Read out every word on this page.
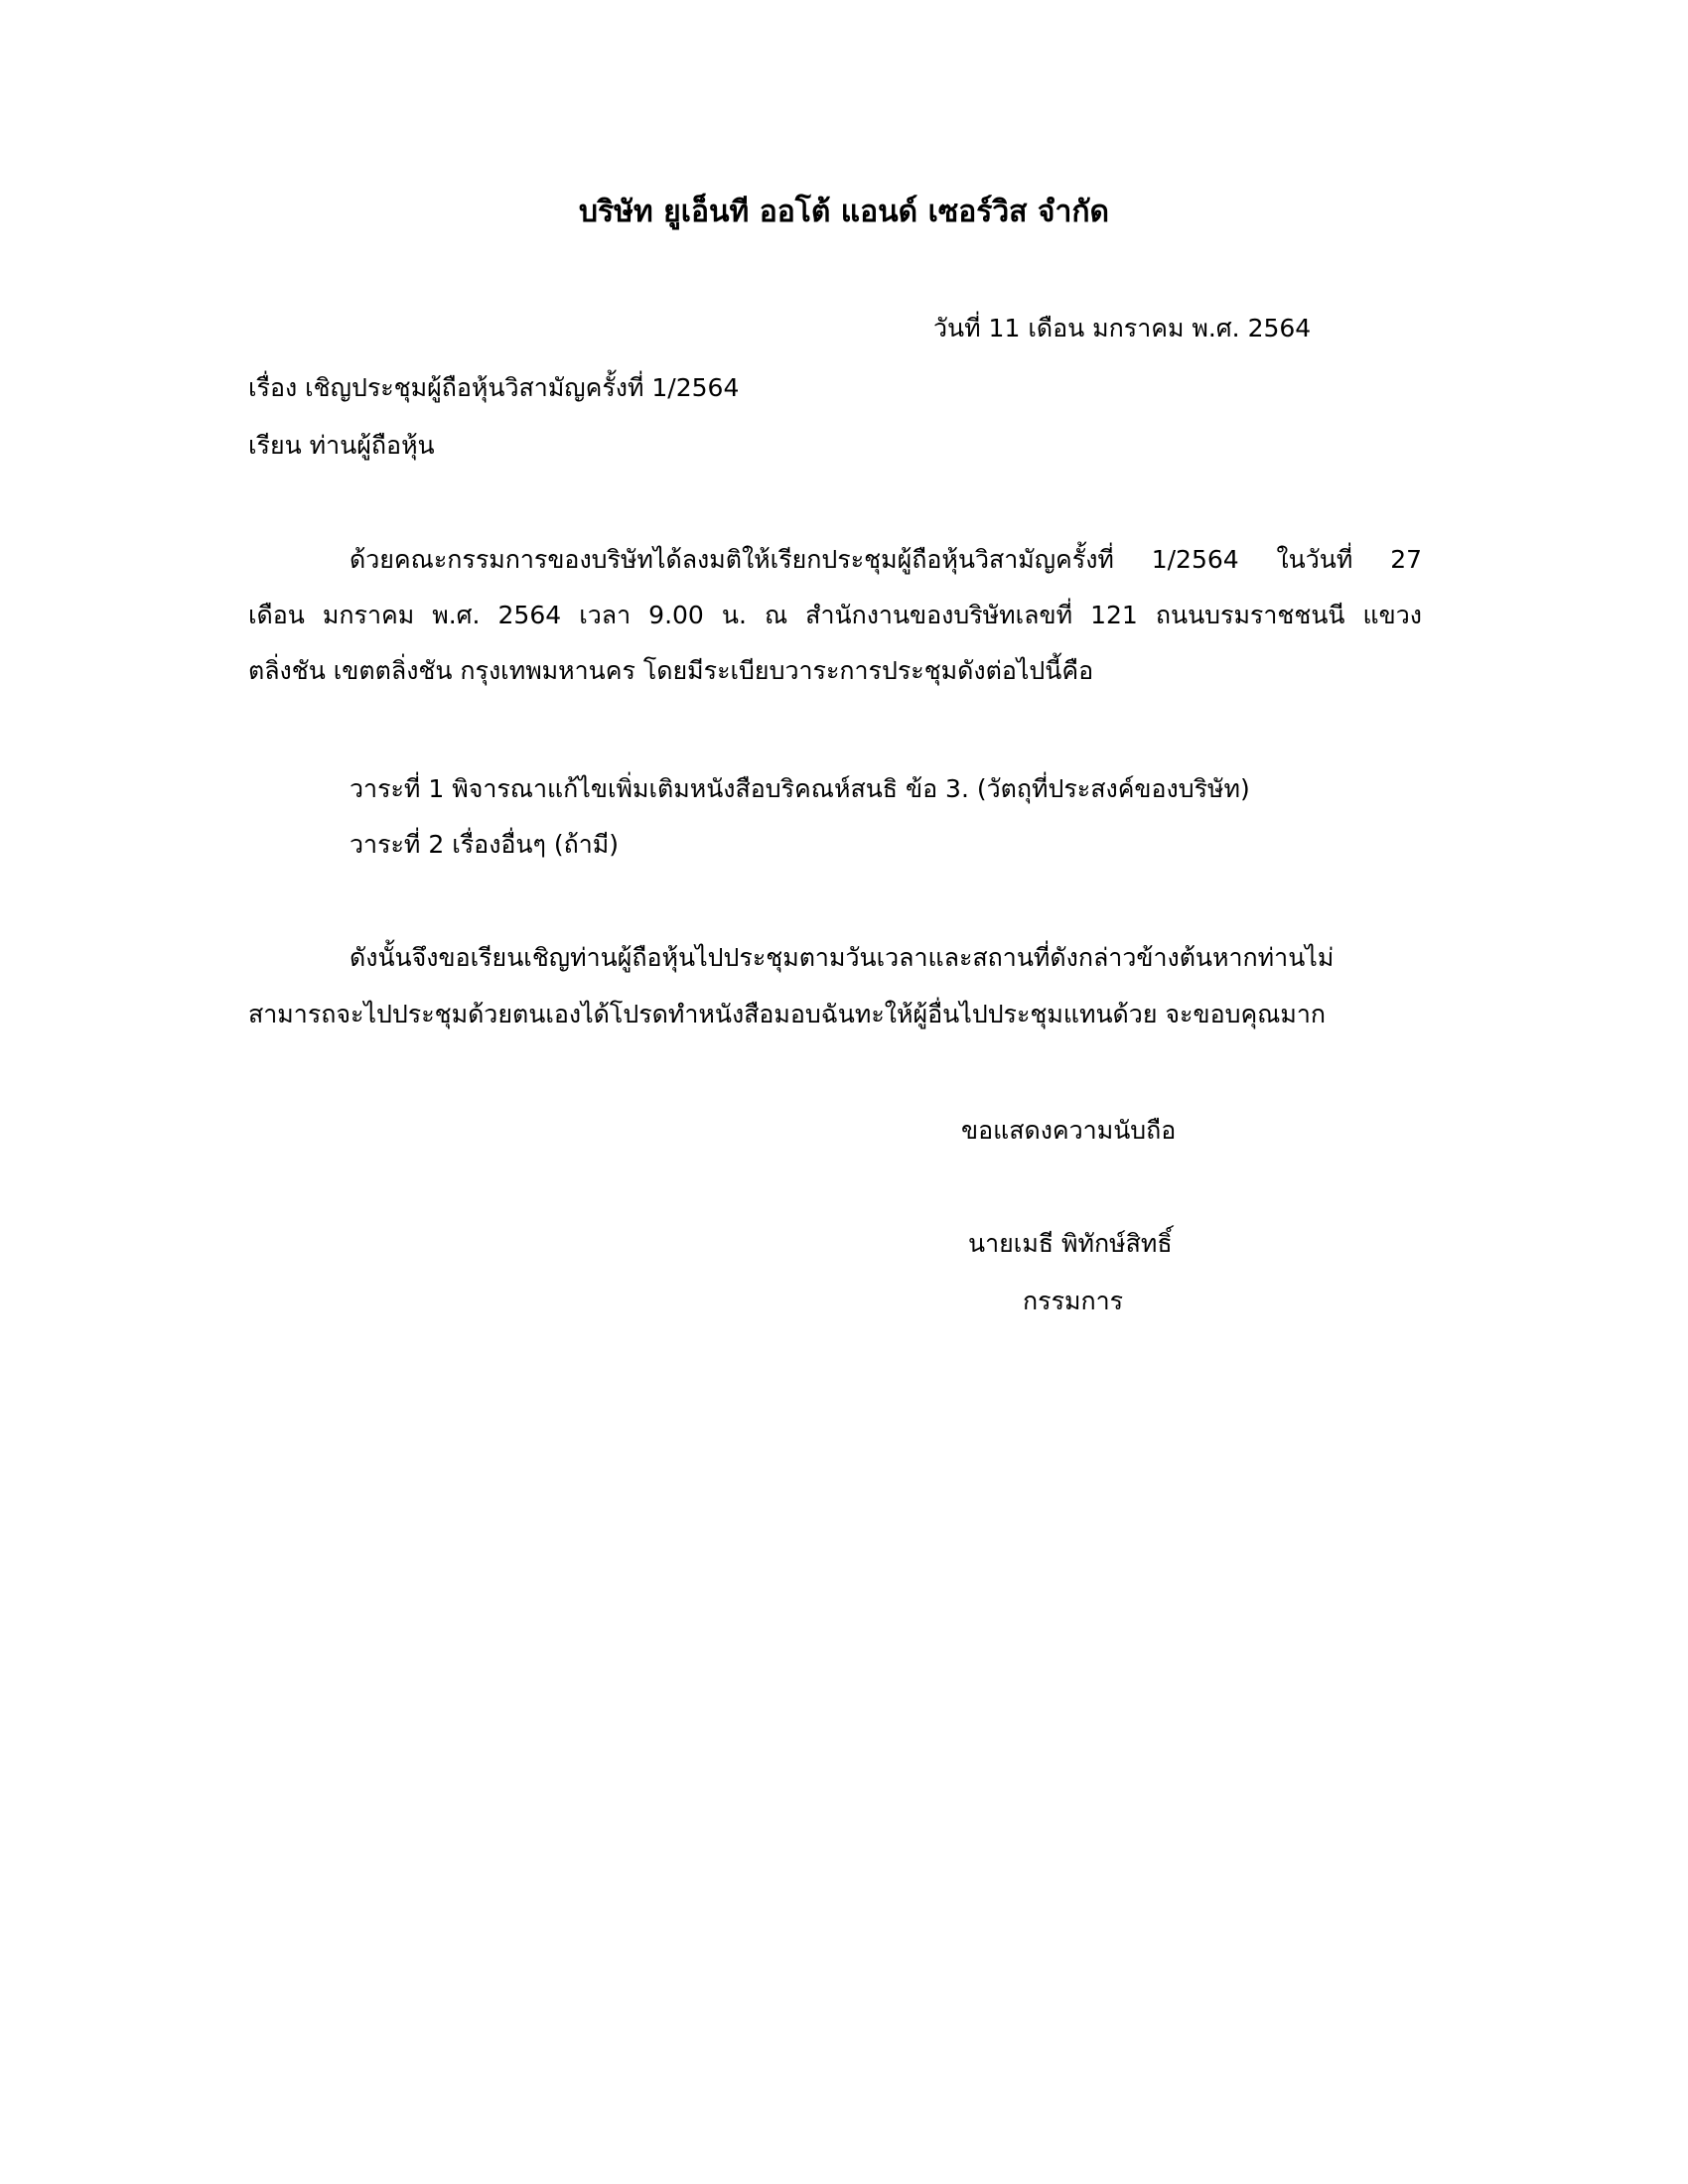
บริษัท ยูเอ็นที ออโต้ แอนด์ เซอร์วิส จำกัด
วันที่ 11 เดือน มกราคม พ.ศ. 2564
เรื่อง เชิญประชุมผู้ถือหุ้นวิสามัญครั้งที่ 1/2564
เรียน ท่านผู้ถือหุ้น
ด้วยคณะกรรมการของบริษัทได้ลงมติให้เรียกประชุมผู้ถือหุ้นวิสามัญครั้งที่ 1/2564 ในวันที่ 27
เดือน มกราคม พ.ศ. 2564 เวลา 9.00 น. ณ สำนักงานของบริษัทเลขที่ 121 ถนนบรมราชชนนี แขวง
ตลิ่งชัน เขตตลิ่งชัน กรุงเทพมหานคร โดยมีระเบียบวาระการประชุมดังต่อไปนี้คือ
วาระที่ 1 พิจารณาแก้ไขเพิ่มเติมหนังสือบริคณห์สนธิ ข้อ 3. (วัตถุที่ประสงค์ของบริษัท)
วาระที่ 2 เรื่องอื่นๆ (ถ้ามี)
ดังนั้นจึงขอเรียนเชิญท่านผู้ถือหุ้นไปประชุมตามวันเวลาและสถานที่ดังกล่าวข้างต้นหากท่านไม่
สามารถจะไปประชุมด้วยตนเองได้โปรดทำหนังสือมอบฉันทะให้ผู้อื่นไปประชุมแทนด้วย จะขอบคุณมาก
ขอแสดงความนับถือ
นายเมธี พิทักษ์สิทธิ์
กรรมการ
